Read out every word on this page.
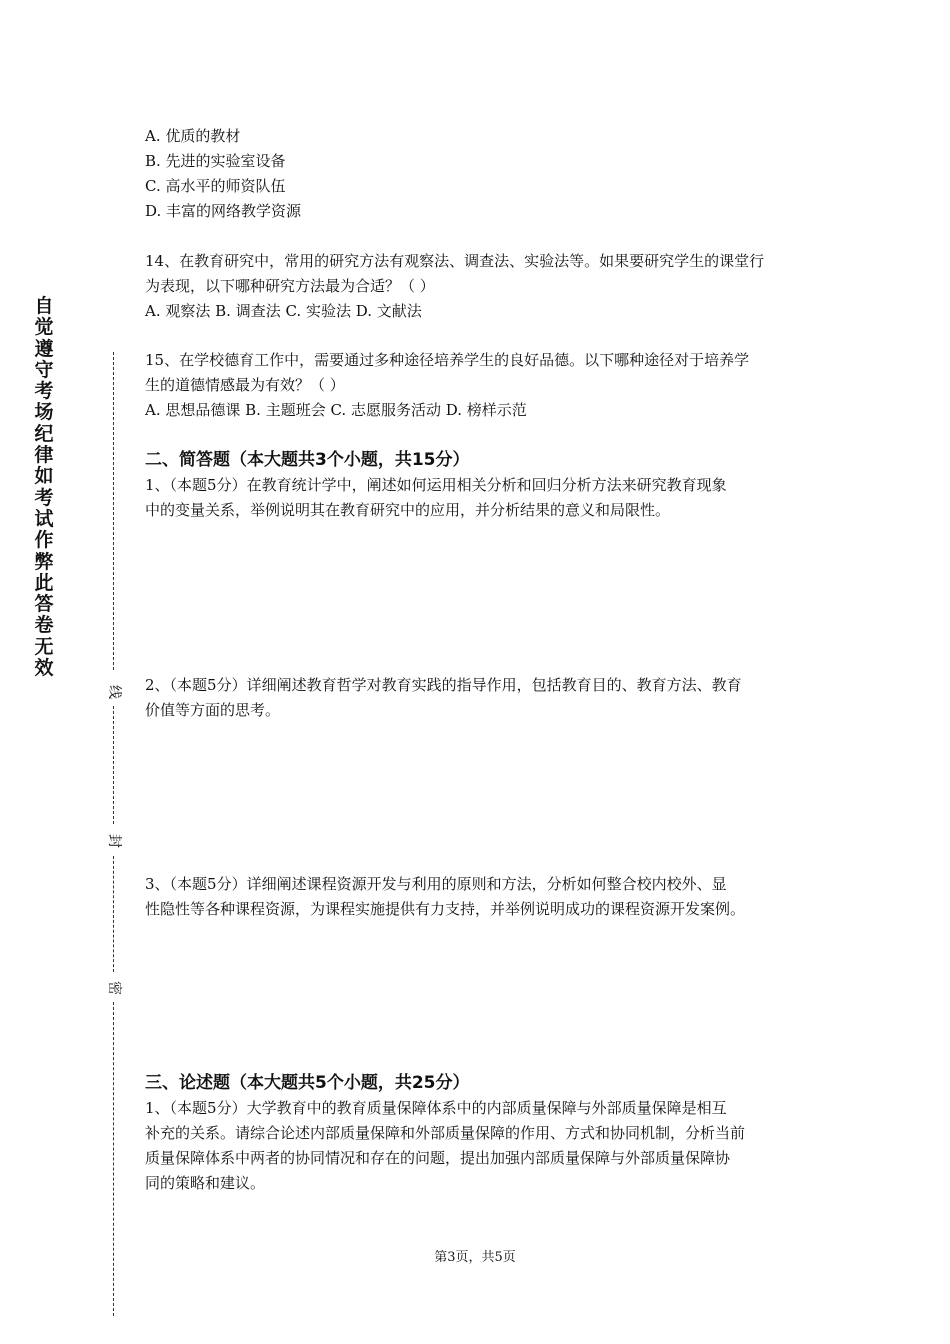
自觉遵守考场纪律如考试作弊此答卷无效
线
封
密
A. 优质的教材
B. 先进的实验室设备
C. 高水平的师资队伍
D. 丰富的网络教学资源
14、在教育研究中，常用的研究方法有观察法、调查法、实验法等。如果要研究学生的课堂行
为表现，以下哪种研究方法最为合适？（ ）
A. 观察法 B. 调查法 C. 实验法 D. 文献法
15、在学校德育工作中，需要通过多种途径培养学生的良好品德。以下哪种途径对于培养学
生的道德情感最为有效？（ ）
A. 思想品德课 B. 主题班会 C. 志愿服务活动 D. 榜样示范
二、简答题（本大题共3个小题，共15分）
1、（本题5分）在教育统计学中，阐述如何运用相关分析和回归分析方法来研究教育现象
中的变量关系，举例说明其在教育研究中的应用，并分析结果的意义和局限性。
2、（本题5分）详细阐述教育哲学对教育实践的指导作用，包括教育目的、教育方法、教育
价值等方面的思考。
3、（本题5分）详细阐述课程资源开发与利用的原则和方法，分析如何整合校内校外、显
性隐性等各种课程资源，为课程实施提供有力支持，并举例说明成功的课程资源开发案例。
三、论述题（本大题共5个小题，共25分）
1、（本题5分）大学教育中的教育质量保障体系中的内部质量保障与外部质量保障是相互
补充的关系。请综合论述内部质量保障和外部质量保障的作用、方式和协同机制，分析当前
质量保障体系中两者的协同情况和存在的问题，提出加强内部质量保障与外部质量保障协
同的策略和建议。
第3页，共5页
